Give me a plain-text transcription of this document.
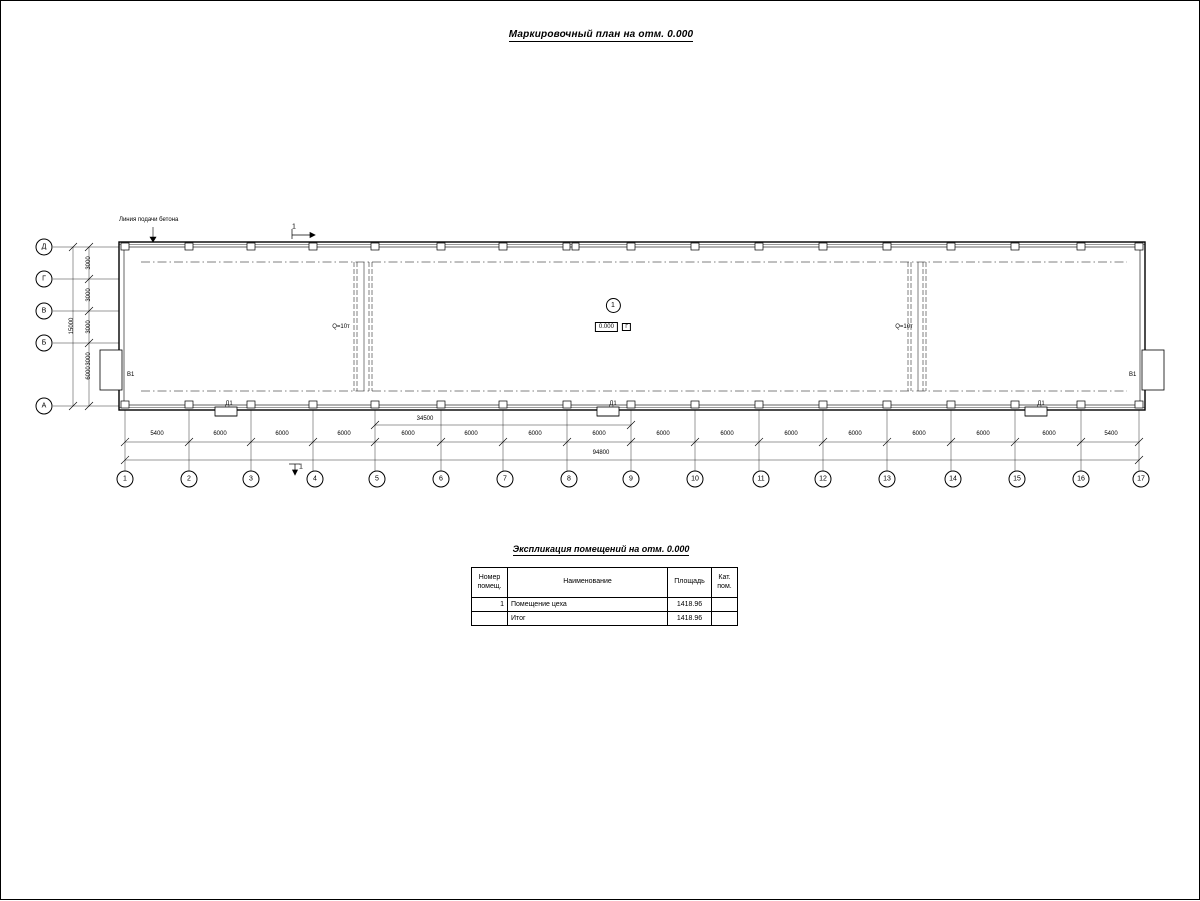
Маркировочный план на отм. 0.000
Линия подачи бетона
1
1
Д
Г
В
Б
А
3000
3000
3000
3000
6000
15000
1	2	3	4	5	6	7	8	9	10	11	12	13	14	15	16	17
5400	6000	6000	6000	6000	6000	6000	6000	6000	6000	6000	6000	6000	6000	6000	5400
34500
94800
Q=10т	Q=10т
В1	В1
Д1	Д1	Д1
1
0.000 Г
Экспликация помещений на отм. 0.000
Номер помещ.	Наименование	Площадь	Кат. пом.
1	Помещение цеха	1418.96	
	Итог	1418.96	
